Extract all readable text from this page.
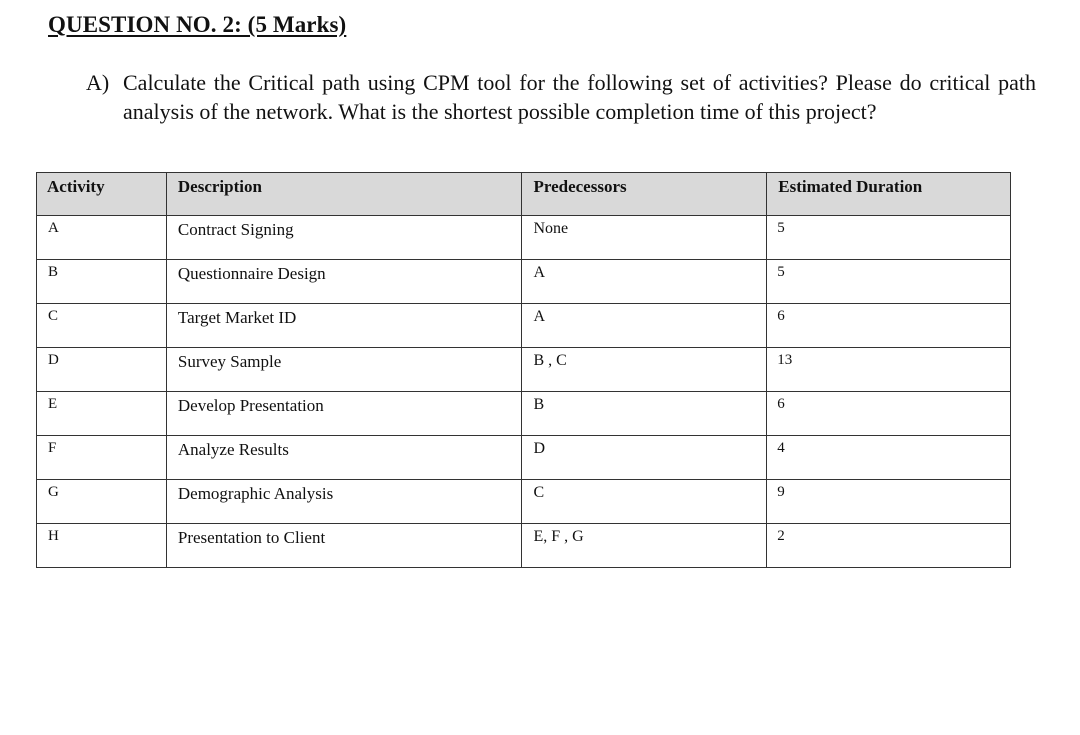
QUESTION NO. 2: (5 Marks)
A) Calculate the Critical path using CPM tool for the following set of activities? Please do critical path analysis of the network. What is the shortest possible completion time of this project?
Activity	Description	Predecessors	Estimated Duration
A	Contract Signing	None	5
B	Questionnaire Design	A	5
C	Target Market ID	A	6
D	Survey Sample	B , C	13
E	Develop Presentation	B	6
F	Analyze Results	D	4
G	Demographic Analysis	C	9
H	Presentation to Client	E, F , G	2
